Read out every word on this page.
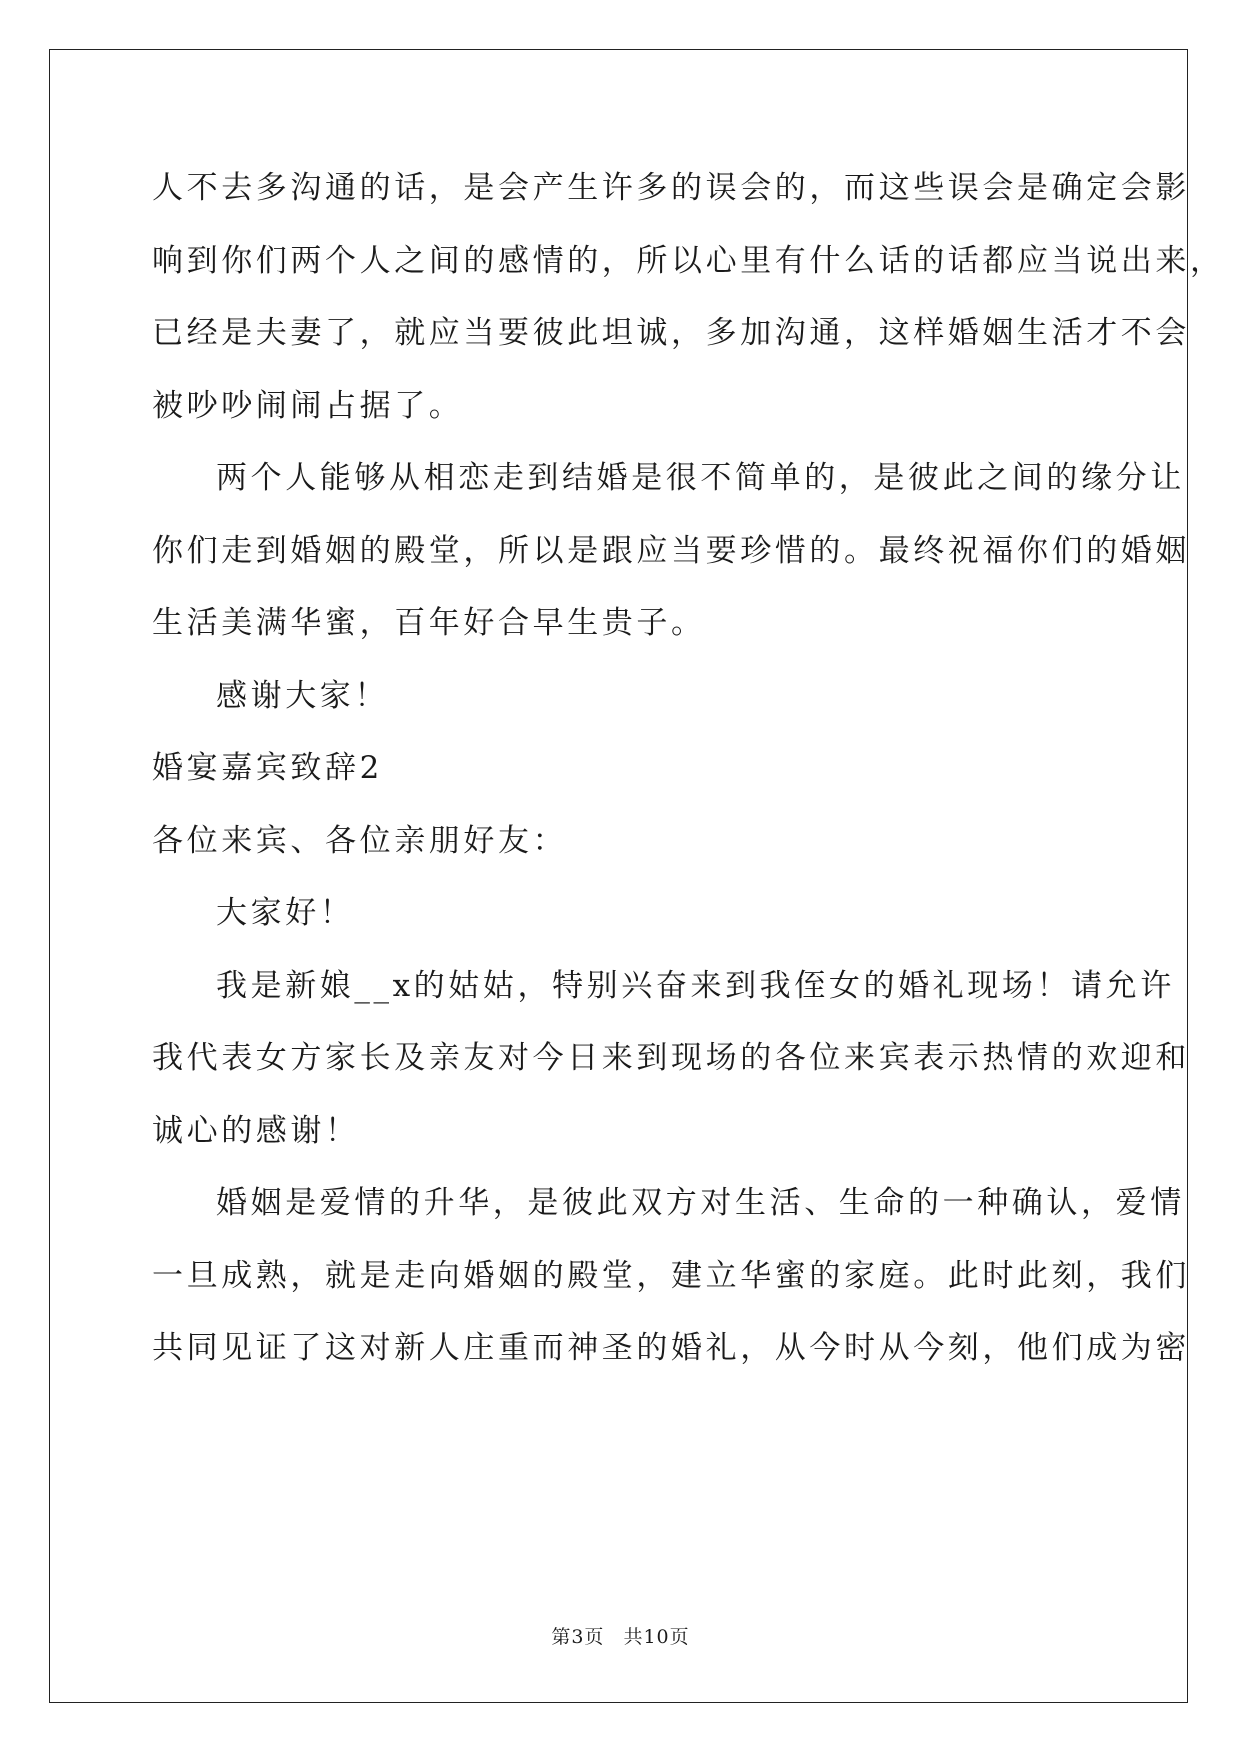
人不去多沟通的话，是会产生许多的误会的，而这些误会是确定会影
响到你们两个人之间的感情的，所以心里有什么话的话都应当说出来，
已经是夫妻了，就应当要彼此坦诚，多加沟通，这样婚姻生活才不会
被吵吵闹闹占据了。
两个人能够从相恋走到结婚是很不简单的，是彼此之间的缘分让
你们走到婚姻的殿堂，所以是跟应当要珍惜的。最终祝福你们的婚姻
生活美满华蜜，百年好合早生贵子。
感谢大家！
婚宴嘉宾致辞2
各位来宾、各位亲朋好友：
大家好！
我是新娘__x的姑姑，特别兴奋来到我侄女的婚礼现场！请允许
我代表女方家长及亲友对今日来到现场的各位来宾表示热情的欢迎和
诚心的感谢！
婚姻是爱情的升华，是彼此双方对生活、生命的一种确认，爱情
一旦成熟，就是走向婚姻的殿堂，建立华蜜的家庭。此时此刻，我们
共同见证了这对新人庄重而神圣的婚礼，从今时从今刻，他们成为密
第3页 共10页
